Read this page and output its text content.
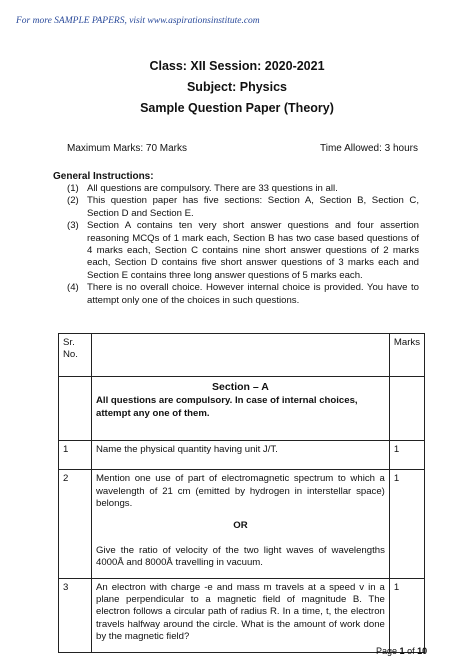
For more SAMPLE PAPERS, visit www.aspirationsinstitute.com
Class: XII Session: 2020-2021
Subject: Physics
Sample Question Paper (Theory)
Maximum Marks: 70 Marks	Time Allowed: 3 hours
General Instructions:
(1) All questions are compulsory. There are 33 questions in all.
(2) This question paper has five sections: Section A, Section B, Section C, Section D and Section E.
(3) Section A contains ten very short answer questions and four assertion reasoning MCQs of 1 mark each, Section B has two case based questions of 4 marks each, Section C contains nine short answer questions of 2 marks each, Section D contains five short answer questions of 3 marks each and Section E contains three long answer questions of 5 marks each.
(4) There is no overall choice. However internal choice is provided. You have to attempt only one of the choices in such questions.
Sr. No.		Marks

	Section – A
All questions are compulsory. In case of internal choices, attempt any one of them.	

1	Name the physical quantity having unit J/T.	1
2	Mention one use of part of electromagnetic spectrum to which a wavelength of 21 cm (emitted by hydrogen in interstellar space) belongs.
OR
Give the ratio of velocity of the two light waves of wavelengths 4000Å and 8000Å travelling in vacuum.	1
3	An electron with charge -e and mass m travels at a speed v in a plane perpendicular to a magnetic field of magnitude B. The electron follows a circular path of radius R. In a time, t, the electron travels halfway around the circle. What is the amount of work done by the magnetic field?	1
Page 1 of 10
